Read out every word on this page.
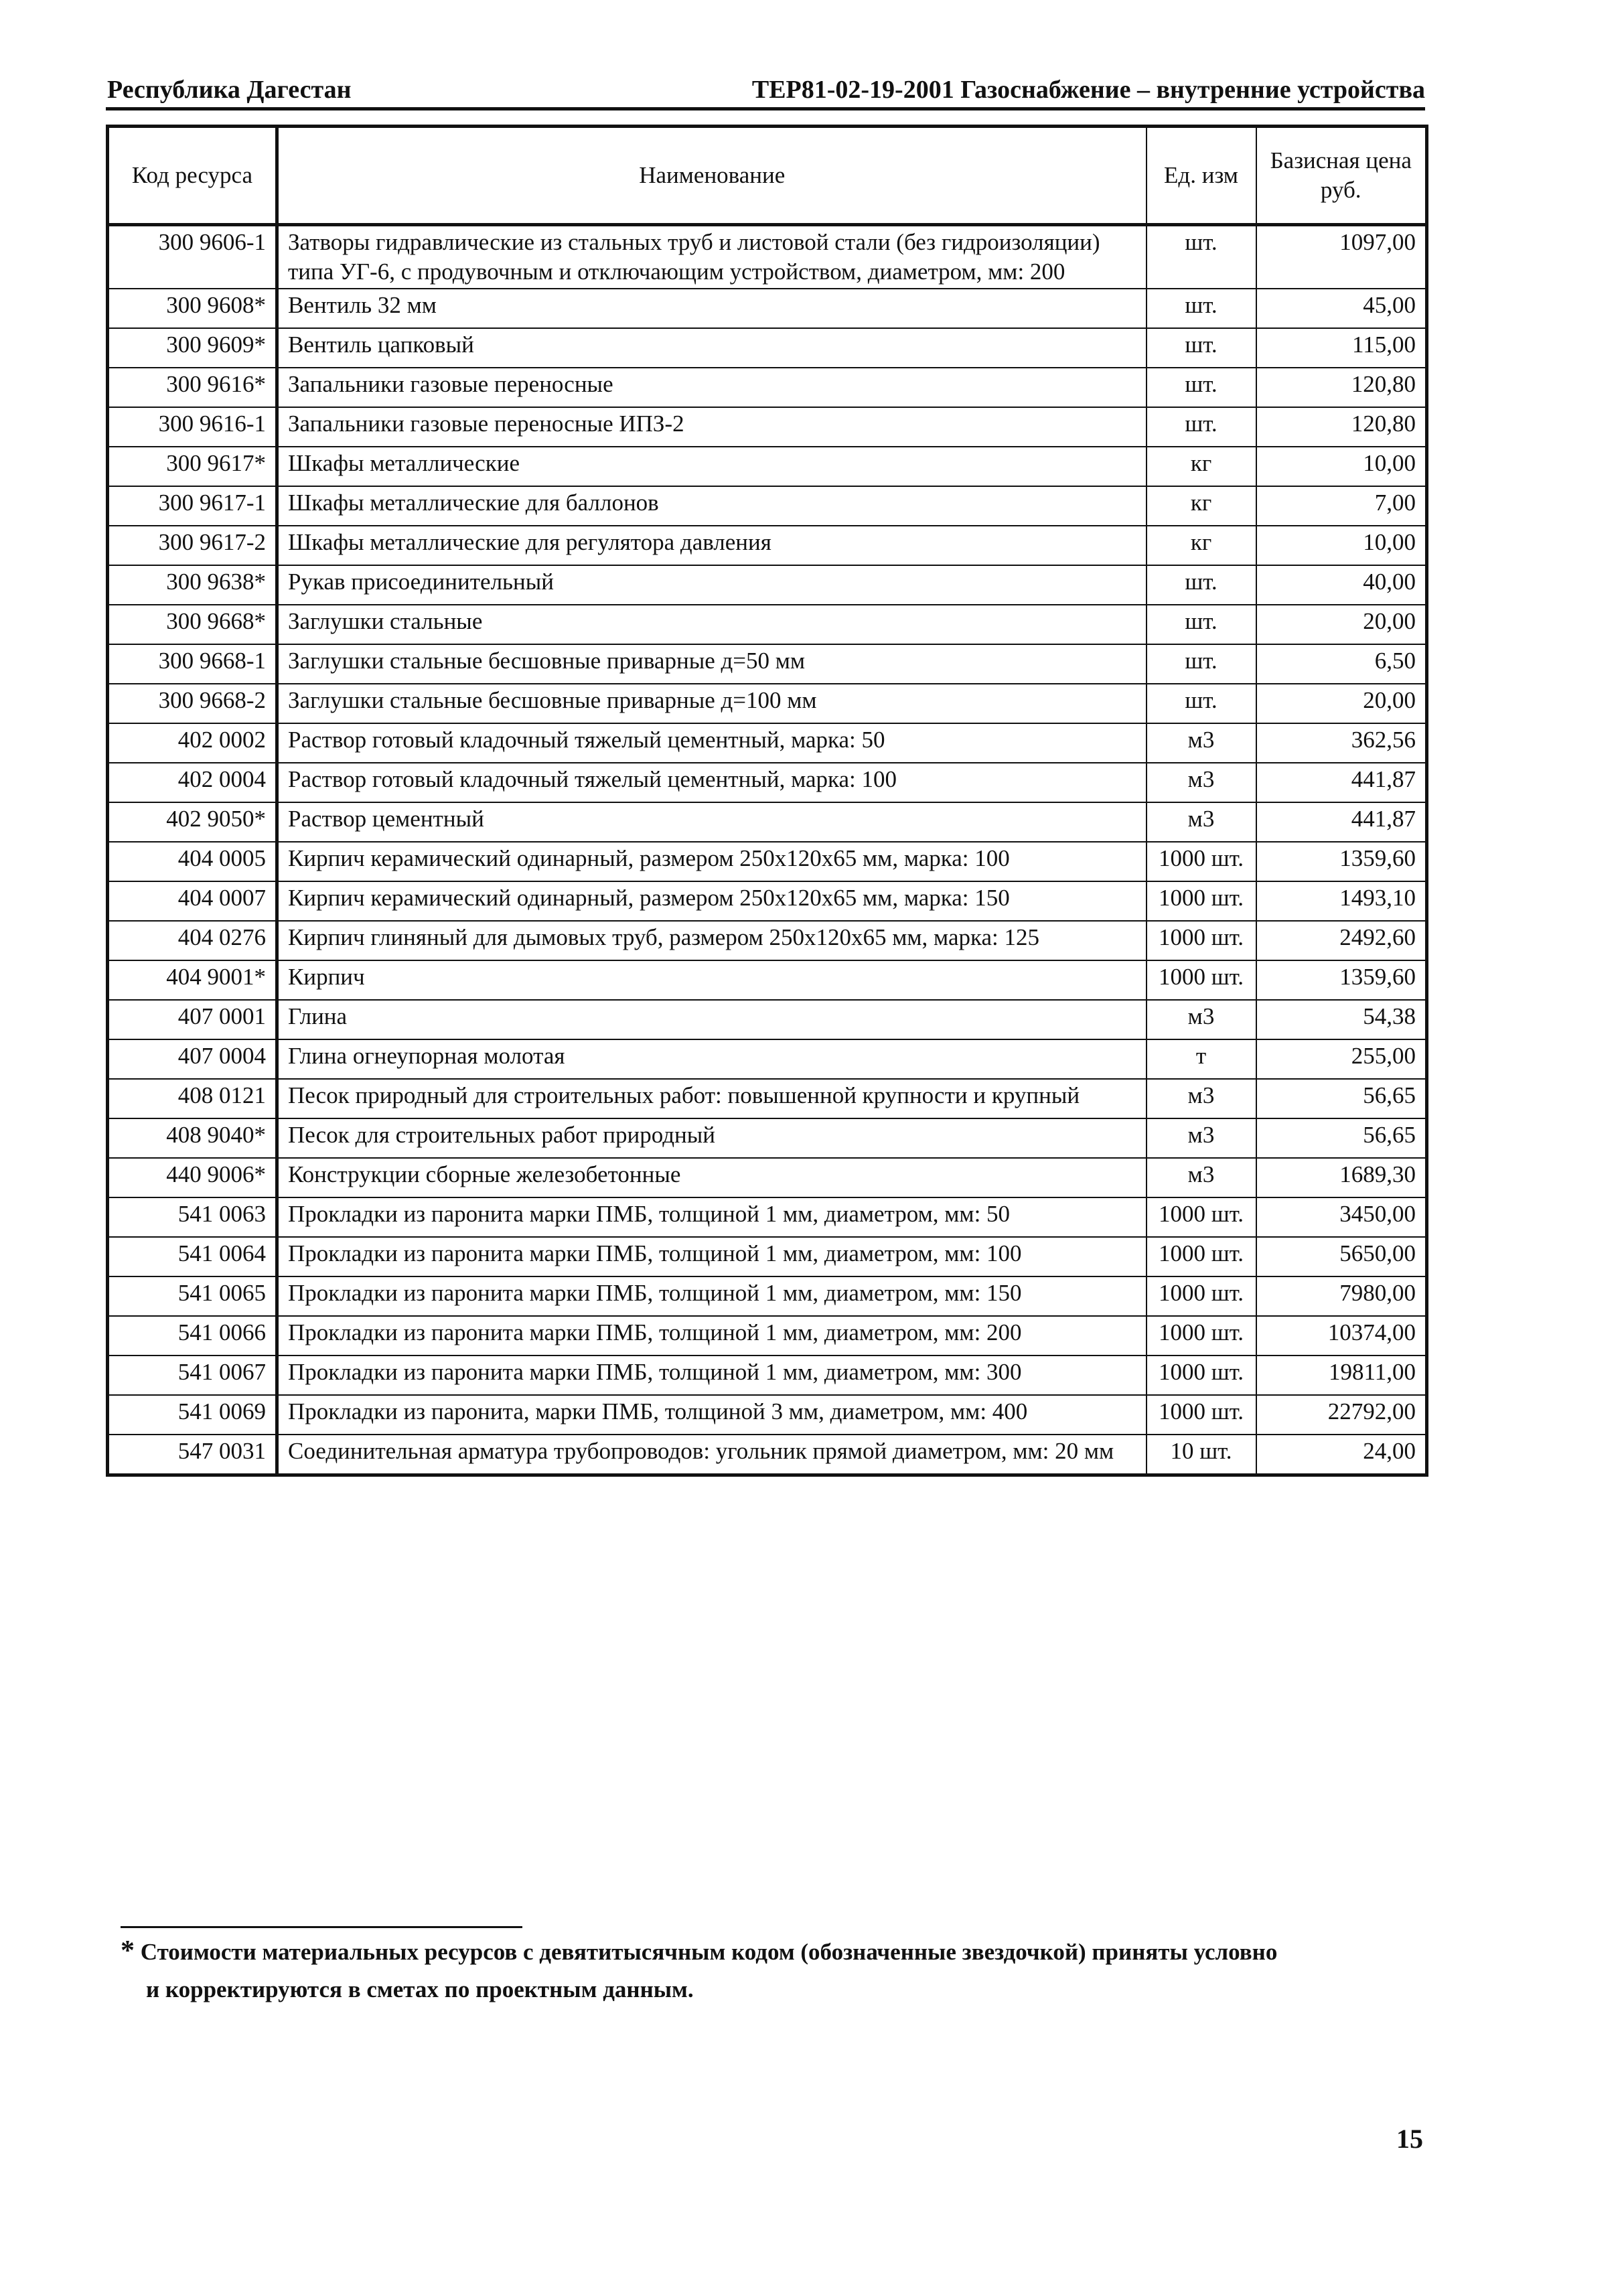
Республика Дагестан	ТЕР81-02-19-2001 Газоснабжение – внутренние устройства
Код ресурса	Наименование	Ед. изм	Базисная цена
руб.

300 9606-1	Затворы гидравлические из стальных труб и листовой стали (без гидроизоляции) типа УГ-6, с продувочным и отключающим устройством, диаметром, мм: 200	шт.	1097,00
300 9608*	Вентиль 32 мм	шт.	45,00
300 9609*	Вентиль цапковый	шт.	115,00
300 9616*	Запальники газовые переносные	шт.	120,80
300 9616-1	Запальники газовые переносные ИПЗ-2	шт.	120,80
300 9617*	Шкафы металлические	кг	10,00
300 9617-1	Шкафы металлические для баллонов	кг	7,00
300 9617-2	Шкафы металлические для регулятора давления	кг	10,00
300 9638*	Рукав присоединительный	шт.	40,00
300 9668*	Заглушки стальные	шт.	20,00
300 9668-1	Заглушки стальные бесшовные приварные д=50 мм	шт.	6,50
300 9668-2	Заглушки стальные бесшовные приварные д=100 мм	шт.	20,00
402 0002	Раствор готовый кладочный тяжелый цементный, марка: 50	м3	362,56
402 0004	Раствор готовый кладочный тяжелый цементный, марка: 100	м3	441,87
402 9050*	Раствор цементный	м3	441,87
404 0005	Кирпич керамический одинарный, размером 250х120х65 мм, марка: 100	1000 шт.	1359,60
404 0007	Кирпич керамический одинарный, размером 250х120х65 мм, марка: 150	1000 шт.	1493,10
404 0276	Кирпич глиняный для дымовых труб, размером 250х120х65 мм, марка: 125	1000 шт.	2492,60
404 9001*	Кирпич	1000 шт.	1359,60
407 0001	Глина	м3	54,38
407 0004	Глина огнеупорная молотая	т	255,00
408 0121	Песок природный для строительных работ: повышенной крупности и крупный	м3	56,65
408 9040*	Песок для строительных работ природный	м3	56,65
440 9006*	Конструкции сборные железобетонные	м3	1689,30
541 0063	Прокладки из паронита марки ПМБ, толщиной 1 мм, диаметром, мм: 50	1000 шт.	3450,00
541 0064	Прокладки из паронита марки ПМБ, толщиной 1 мм, диаметром, мм: 100	1000 шт.	5650,00
541 0065	Прокладки из паронита марки ПМБ, толщиной 1 мм, диаметром, мм: 150	1000 шт.	7980,00
541 0066	Прокладки из паронита марки ПМБ, толщиной 1 мм, диаметром, мм: 200	1000 шт.	10374,00
541 0067	Прокладки из паронита марки ПМБ, толщиной 1 мм, диаметром, мм: 300	1000 шт.	19811,00
541 0069	Прокладки из паронита, марки ПМБ, толщиной 3 мм, диаметром, мм: 400	1000 шт.	22792,00
547 0031	Соединительная арматура трубопроводов: угольник прямой диаметром, мм: 20 мм	10 шт.	24,00
* Стоимости материальных ресурсов с девятитысячным кодом (обозначенные звездочкой) приняты условно
и корректируются в сметах по проектным данным.
15
